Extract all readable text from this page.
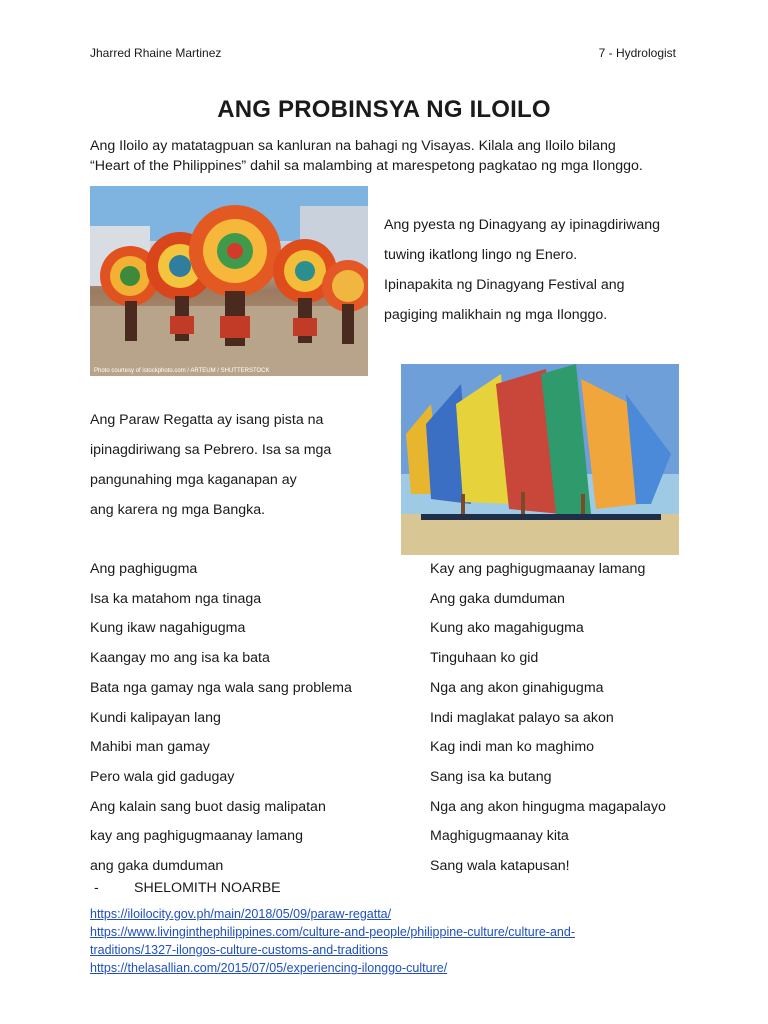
Jharred Rhaine Martinez	7 - Hydrologist
ANG PROBINSYA NG ILOILO
Ang Iloilo ay matatagpuan sa kanluran na bahagi ng Visayas. Kilala ang Iloilo bilang
“Heart of the Philippines” dahil sa malambing at marespetong pagkatao ng mga Ilonggo.
Photo courtesy of istockphoto.com / ARTEUM / SHUTTERSTOCK
Ang pyesta ng Dinagyang ay ipinagdiriwang
tuwing ikatlong lingo ng Enero.
Ipinapakita ng Dinagyang Festival ang
pagiging malikhain ng mga Ilonggo.
Ang Paraw Regatta ay isang pista na
ipinagdiriwang sa Pebrero. Isa sa mga
pangunahing mga kaganapan ay
ang karera ng mga Bangka.
Ang paghigugma
Isa ka matahom nga tinaga
Kung ikaw nagahigugma
Kaangay mo ang isa ka bata
Bata nga gamay nga wala sang problema
Kundi kalipayan lang
Mahibi man gamay
Pero wala gid gadugay
Ang kalain sang buot dasig malipatan
kay ang paghigugmaanay lamang
ang gaka dumduman
Kay ang paghigugmaanay lamang
Ang gaka dumduman
Kung ako magahigugma
Tinguhaan ko gid
Nga ang akon ginahigugma
Indi maglakat palayo sa akon
Kag indi man ko maghimo
Sang isa ka butang
Nga ang akon hingugma magapalayo
Maghigugmaanay kita
Sang wala katapusan!
- SHELOMITH NOARBE
https://iloilocity.gov.ph/main/2018/05/09/paraw-regatta/
https://www.livinginthephilippines.com/culture-and-people/philippine-culture/culture-and-
traditions/1327-ilongos-culture-customs-and-traditions
https://thelasallian.com/2015/07/05/experiencing-ilonggo-culture/
